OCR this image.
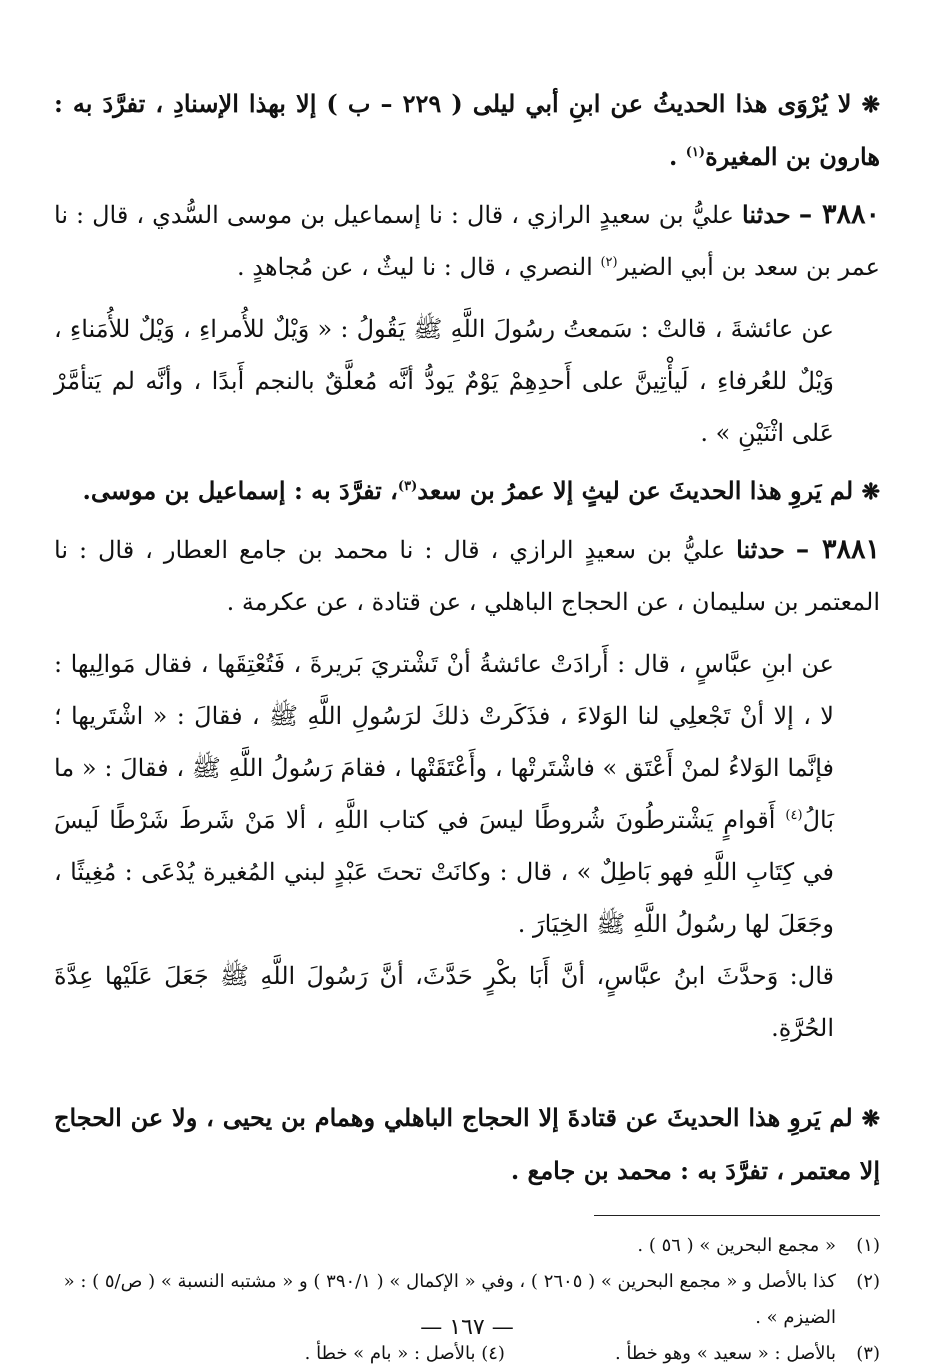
❋ لا يُرْوَى هذا الحديثُ عن ابنِ أبي ليلى ( ٢٢٩ – ب ) إلا بهذا الإسنادِ ، تفرَّدَ به : هارون بن المغيرة$^{(١)}$ .

٣٨٨٠ – حدثنا عليُّ بن سعيدٍ الرازي ، قال : نا إسماعيل بن موسى السُّدي ، قال : نا عمر بن سعد بن أبي الضير$^{(٢)}$ النصري ، قال : نا ليثٌ ، عن مُجاهدٍ .

عن عائشةَ ، قالتْ : سَمعتُ رسُولَ اللَّهِ ﷺ يَقُولُ : « وَيْلٌ للأُمراءِ ، وَيْلٌ للأُمَناءِ ، وَيْلٌ للعُرفاءِ ، لَيأْتِينَّ على أَحدِهِمْ يَوْمٌ يَودُّ أنَّه مُعلَّقٌ بالنجم أَبدًا ، وأنَّه لم يَتأمَّرْ عَلى اثْنَيْنِ » .

❋ لم يَروِ هذا الحديثَ عن ليثٍ إلا عمرُ بن سعد$^{(٣)}$، تفرَّدَ به : إسماعيل بن موسى.

٣٨٨١ – حدثنا عليُّ بن سعيدٍ الرازي ، قال : نا محمد بن جامع العطار ، قال : نا المعتمر بن سليمان ، عن الحجاج الباهلي ، عن قتادة ، عن عكرمة .

عن ابنِ عبَّاسٍ ، قال : أَرادَتْ عائشةُ أنْ تَشْتريَ بَريرةَ ، فَتُعْتِقَها ، فقال مَوالِيها : لا ، إلا أنْ تَجْعلِي لنا الوَلاءَ ، فذَكَرتْ ذلكَ لرَسُولِ اللَّهِ ﷺ ، فقالَ : « اشْتَريها ؛ فإنَّما الوَلاءُ لمنْ أَعْتَق » فاشْتَرتْها ، وأَعْتَقَتْها ، فقامَ رَسُولُ اللَّهِ ﷺ ، فقالَ : « ما بَالُ$^{(٤)}$ أَقوامٍ يَشْترطُونَ شُروطًا ليسَ في كتاب اللَّهِ ، ألا مَنْ شَرطَ شَرْطًا لَيسَ في كِتَابِ اللَّهِ فهو بَاطِلٌ » ، قال : وكانَتْ تحتَ عَبْدٍ لبني المُغيرة يُدْعَى : مُغِيثًا ، وجَعَلَ لها رسُولُ اللَّهِ ﷺ الخِيَارَ .

قال: وَحدَّثَ ابنُ عبَّاسٍ، أنَّ أَبَا بكْرٍ حَدَّثَ، أنَّ رَسُولَ اللَّهِ ﷺ جَعَلَ عَلَيْها عِدَّةَ الحُرَّةِ.

❋ لم يَروِ هذا الحديثَ عن قتادةَ إلا الحجاج الباهلي وهمام بن يحيى ، ولا عن الحجاج إلا معتمر ، تفرَّدَ به : محمد بن جامع .

(١)
« مجمع البحرين » ( ٥٦ ) .
(٢)
كذا بالأصل و « مجمع البحرين » ( ٢٦٠٥ ) ، وفي « الإكمال » ( ٣٩٠/١ ) و « مشتبه النسبة » ( ص/٥ ) : « الضيزم » .
(٣)
بالأصل : « سعيد » وهو خطأ .
(٤)

بالأصل : « بام » خطأ .
— ١٦٧ —
